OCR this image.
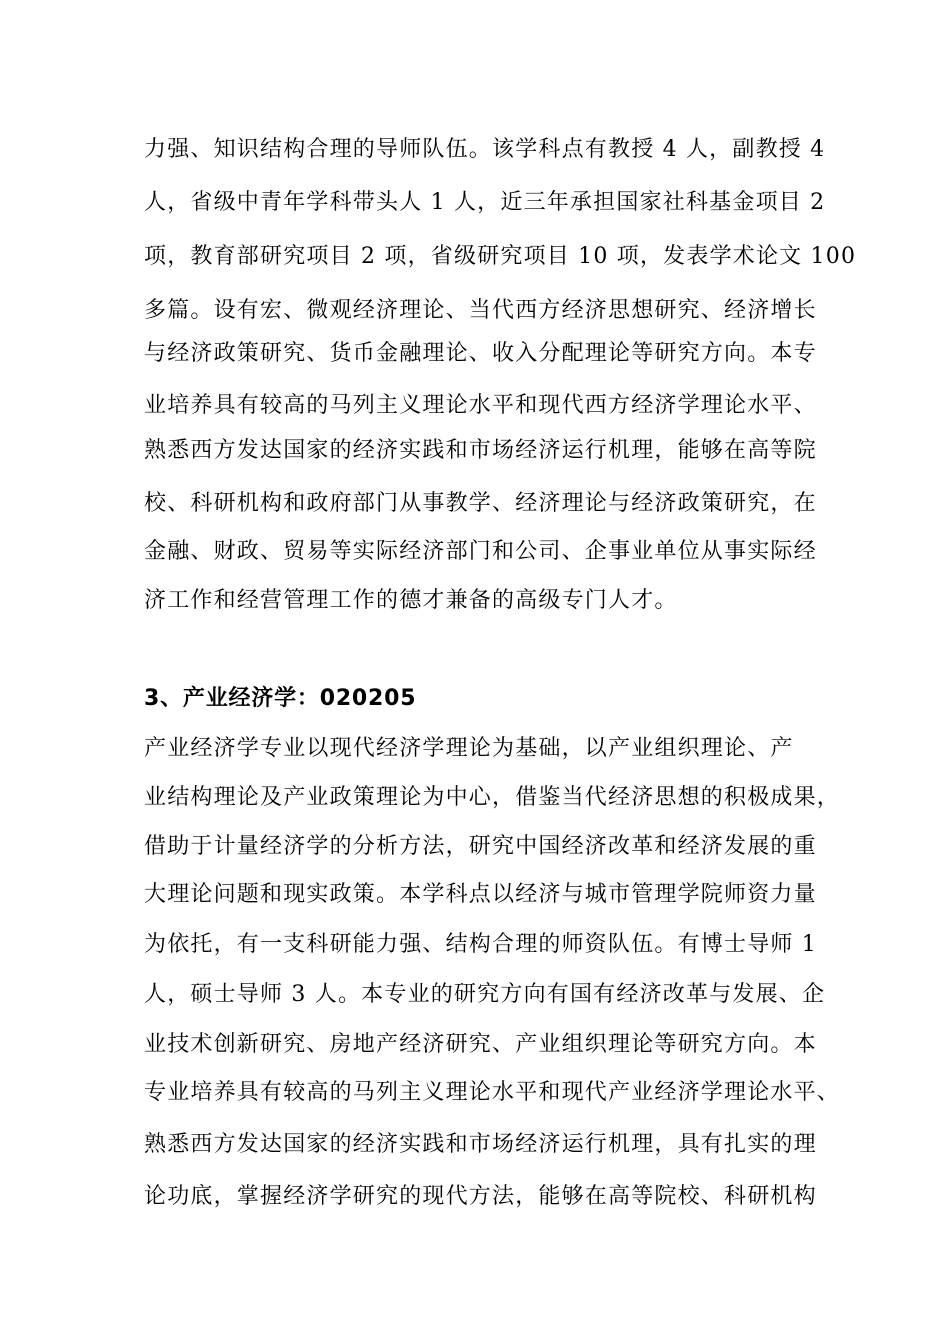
力强、知识结构合理的导师队伍。该学科点有教授 4 人，副教授 4
人，省级中青年学科带头人 1 人，近三年承担国家社科基金项目 2
项，教育部研究项目 2 项，省级研究项目 10 项，发表学术论文 100
多篇。设有宏、微观经济理论、当代西方经济思想研究、经济增长
与经济政策研究、货币金融理论、收入分配理论等研究方向。本专
业培养具有较高的马列主义理论水平和现代西方经济学理论水平、
熟悉西方发达国家的经济实践和市场经济运行机理，能够在高等院
校、科研机构和政府部门从事教学、经济理论与经济政策研究，在
金融、财政、贸易等实际经济部门和公司、企事业单位从事实际经
济工作和经营管理工作的德才兼备的高级专门人才。
3、产业经济学：020205
产业经济学专业以现代经济学理论为基础，以产业组织理论、产
业结构理论及产业政策理论为中心，借鉴当代经济思想的积极成果，
借助于计量经济学的分析方法，研究中国经济改革和经济发展的重
大理论问题和现实政策。本学科点以经济与城市管理学院师资力量
为依托，有一支科研能力强、结构合理的师资队伍。有博士导师 1
人，硕士导师 3 人。本专业的研究方向有国有经济改革与发展、企
业技术创新研究、房地产经济研究、产业组织理论等研究方向。本
专业培养具有较高的马列主义理论水平和现代产业经济学理论水平、
熟悉西方发达国家的经济实践和市场经济运行机理，具有扎实的理
论功底，掌握经济学研究的现代方法，能够在高等院校、科研机构
